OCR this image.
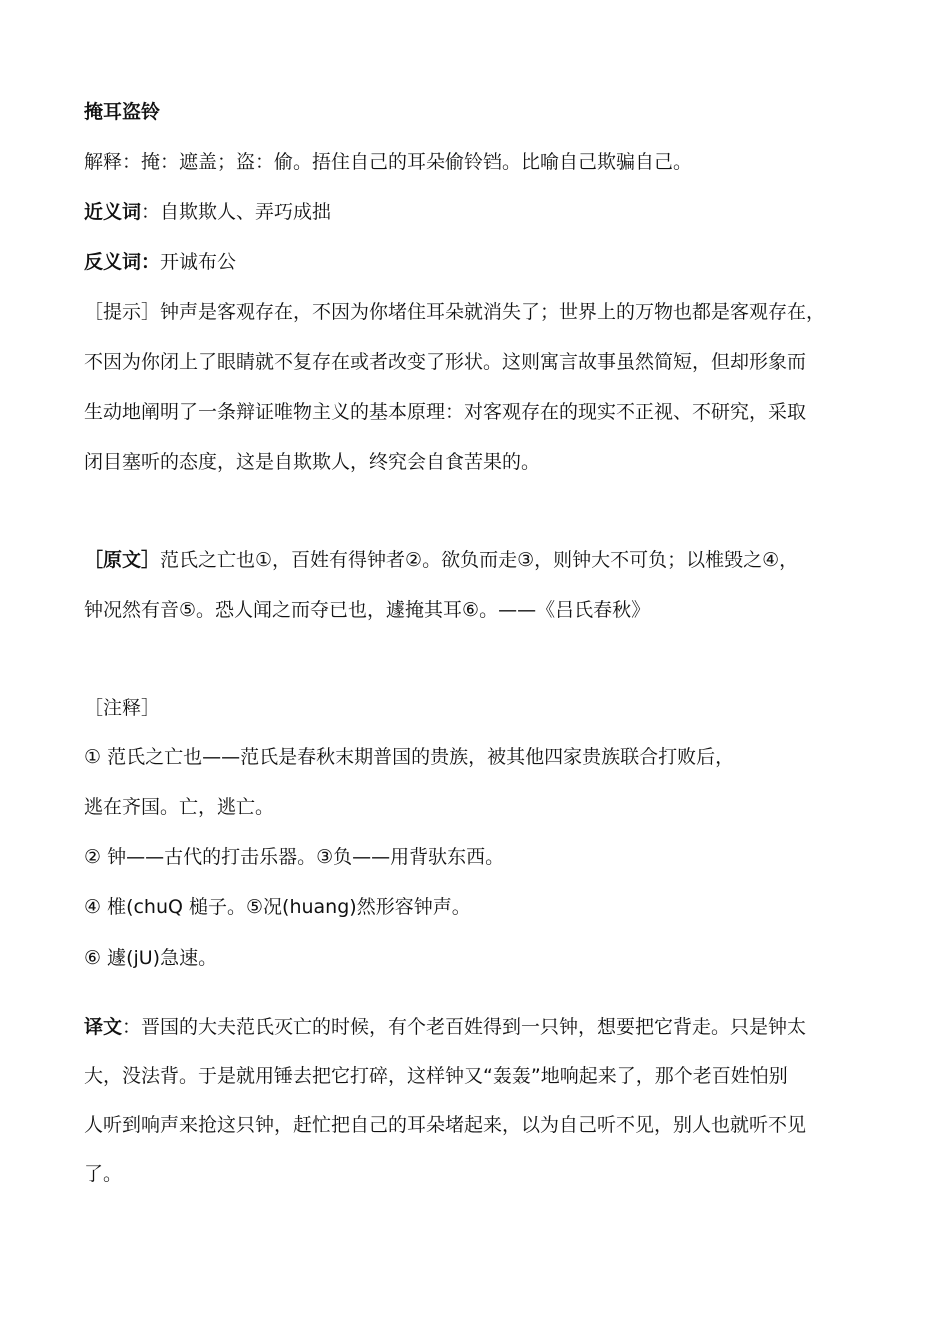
掩耳盗铃
解释：掩：遮盖；盗：偷。捂住自己的耳朵偷铃铛。比喻自己欺骗自己。
近义词：自欺欺人、弄巧成拙
反义词：开诚布公
［提示］钟声是客观存在，不因为你堵住耳朵就消失了；世界上的万物也都是客观存在，
不因为你闭上了眼睛就不复存在或者改变了形状。这则寓言故事虽然简短，但却形象而
生动地阐明了一条辩证唯物主义的基本原理：对客观存在的现实不正视、不研究，采取
闭目塞听的态度，这是自欺欺人，终究会自食苦果的。
［原文］范氏之亡也①，百姓有得钟者②。欲负而走③，则钟大不可负；以椎毁之④，
钟况然有音⑤。恐人闻之而夺已也，遽掩其耳⑥。——《吕氏春秋》
［注释］
① 范氏之亡也——范氏是春秋末期普国的贵族，被其他四家贵族联合打败后，
逃在齐国。亡，逃亡。
② 钟——古代的打击乐器。③负——用背驮东西。
④ 椎(chuQ 槌子。⑤况(huang)然形容钟声。
⑥ 遽(jU)急速。
译文：晋国的大夫范氏灭亡的时候，有个老百姓得到一只钟，想要把它背走。只是钟太
大，没法背。于是就用锤去把它打碎，这样钟又“轰轰”地响起来了，那个老百姓怕别
人听到响声来抢这只钟，赶忙把自己的耳朵堵起来，以为自己听不见，别人也就听不见
了。
